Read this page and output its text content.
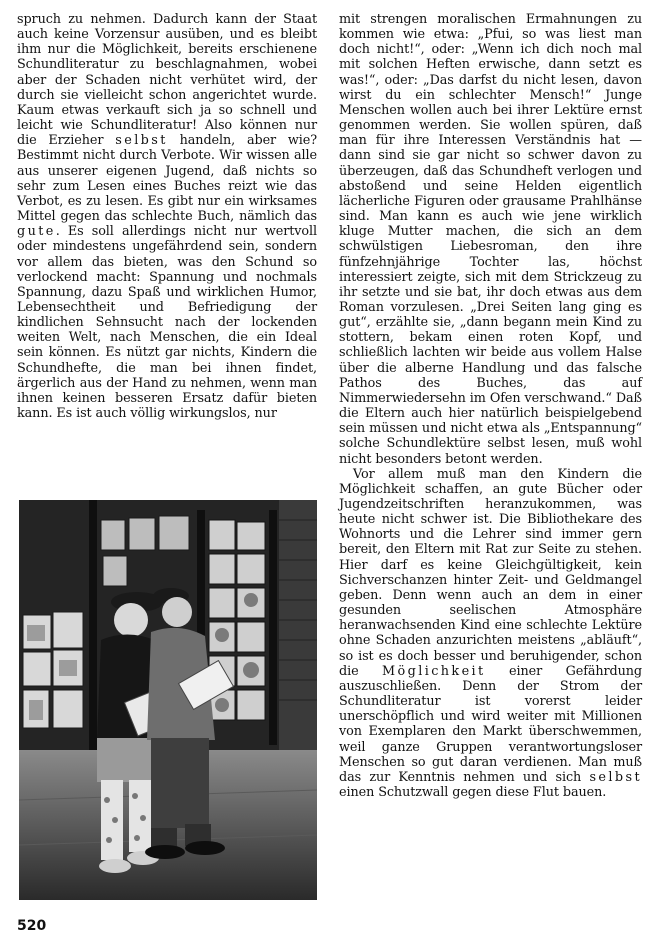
spruch zu nehmen. Dadurch kann der Staat auch keine Vorzensur ausüben, und es bleibt ihm nur die Möglichkeit, bereits erschienene Schundliteratur zu beschlagnahmen, wobei aber der Schaden nicht verhütet wird, der durch sie vielleicht schon angerichtet wurde. Kaum etwas verkauft sich ja so schnell und leicht wie Schundliteratur! Also können nur die Erzieher selbst handeln, aber wie? Bestimmt nicht durch Verbote. Wir wissen alle aus unserer eigenen Jugend, daß nichts so sehr zum Lesen eines Buches reizt wie das Verbot, es zu lesen. Es gibt nur ein wirksames Mittel gegen das schlechte Buch, nämlich das gute. Es soll allerdings nicht nur wertvoll oder mindestens ungefährdend sein, sondern vor allem das bieten, was den Schund so verlockend macht: Spannung und nochmals Spannung, dazu Spaß und wirklichen Humor, Lebensechtheit und Befriedigung der kindlichen Sehnsucht nach der lockenden weiten Welt, nach Menschen, die ein Ideal sein können. Es nützt gar nichts, Kindern die Schundhefte, die man bei ihnen findet, ärgerlich aus der Hand zu nehmen, wenn man ihnen keinen besseren Ersatz dafür bieten kann. Es ist auch völlig wirkungslos, nur

mit strengen moralischen Ermahnungen zu kommen wie etwa: „Pfui, so was liest man doch nicht!“, oder: „Wenn ich dich noch mal mit solchen Heften erwische, dann setzt es was!“, oder: „Das darfst du nicht lesen, davon wirst du ein schlechter Mensch!“ Junge Menschen wollen auch bei ihrer Lektüre ernst genommen werden. Sie wollen spüren, daß man für ihre Interessen Verständnis hat — dann sind sie gar nicht so schwer davon zu überzeugen, daß das Schundheft verlogen und abstoßend und seine Helden eigentlich lächerliche Figuren oder grausame Prahlhänse sind. Man kann es auch wie jene wirklich kluge Mutter machen, die sich an dem schwülstigen Liebesroman, den ihre fünfzehnjährige Tochter las, höchst interessiert zeigte, sich mit dem Strickzeug zu ihr setzte und sie bat, ihr doch etwas aus dem Roman vorzulesen. „Drei Seiten lang ging es gut“, erzählte sie, „dann begann mein Kind zu stottern, bekam einen roten Kopf, und schließlich lachten wir beide aus vollem Halse über die alberne Handlung und das falsche Pathos des Buches, das auf Nimmerwiedersehn im Ofen verschwand.“ Daß die Eltern auch hier natürlich beispielgebend sein müssen und nicht etwa als „Entspannung“ solche Schundlektüre selbst lesen, muß wohl nicht besonders betont werden.

Vor allem muß man den Kindern die Möglichkeit schaffen, an gute Bücher oder Jugendzeitschriften heranzukommen, was heute nicht schwer ist. Die Bibliothekare des Wohnorts und die Lehrer sind immer gern bereit, den Eltern mit Rat zur Seite zu stehen. Hier darf es keine Gleichgültigkeit, kein Sichverschanzen hinter Zeit- und Geldmangel geben. Denn wenn auch an dem in einer gesunden seelischen Atmosphäre heranwachsenden Kind eine schlechte Lektüre ohne Schaden anzurichten meistens „abläuft“, so ist es doch besser und beruhigender, schon die Möglichkeit einer Gefährdung auszuschließen. Denn der Strom der Schundliteratur ist vorerst leider unerschöpflich und wird weiter mit Millionen von Exemplaren den Markt überschwemmen, weil ganze Gruppen verantwortungsloser Menschen so gut daran verdienen. Man muß das zur Kenntnis nehmen und sich selbst einen Schutzwall gegen diese Flut bauen.

520
